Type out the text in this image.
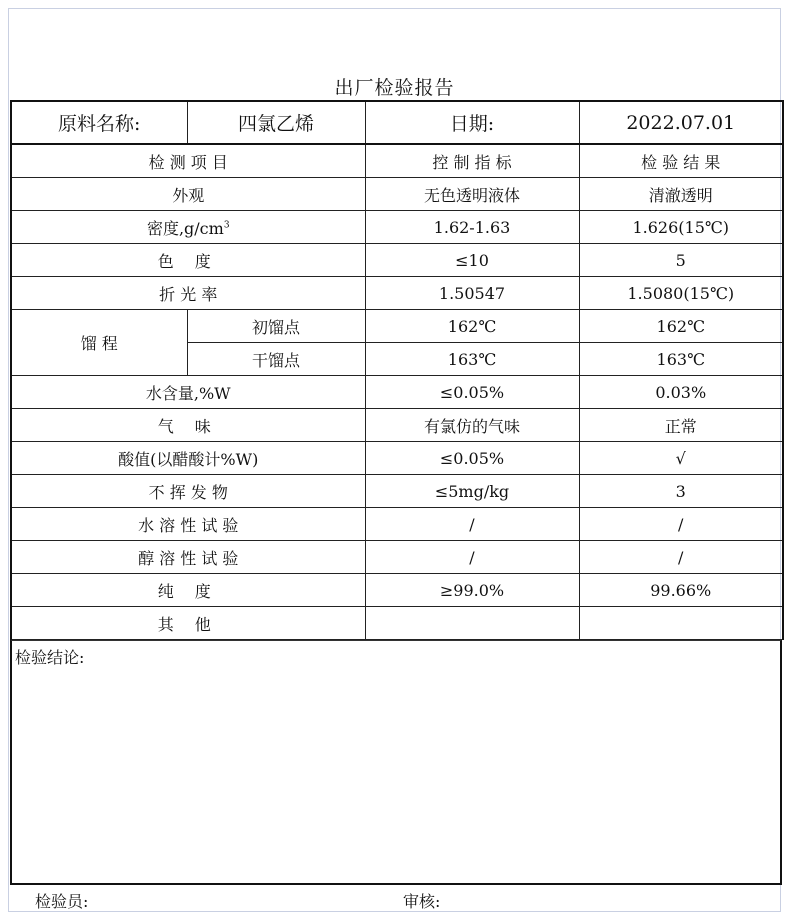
出厂检验报告
原料名称:	四氯乙烯	日期:	2022.07.01
检 测 项 目		控 制 指 标	检 验 结 果
外观		无色透明液体	清澈透明
密度$,g/cm^3$		1.62-1.63	1.626(15℃)
色 度		≤10	5
折 光 率		1.50547	1.5080(15℃)
馏 程	初馏点	162℃	162℃
	干馏点	163℃	163℃
水含量,%W		≤0.05%	0.03%
气 味		有氯仿的气味	正常
酸值(以醋酸计%W)		≤0.05%	√
不 挥 发 物		≤5mg/kg	3
水 溶 性 试 验		/	/
醇 溶 性 试 验		/	/
纯 度		≥99.0%	99.66%
其 他			
检验结论:
检验员:	审核:
